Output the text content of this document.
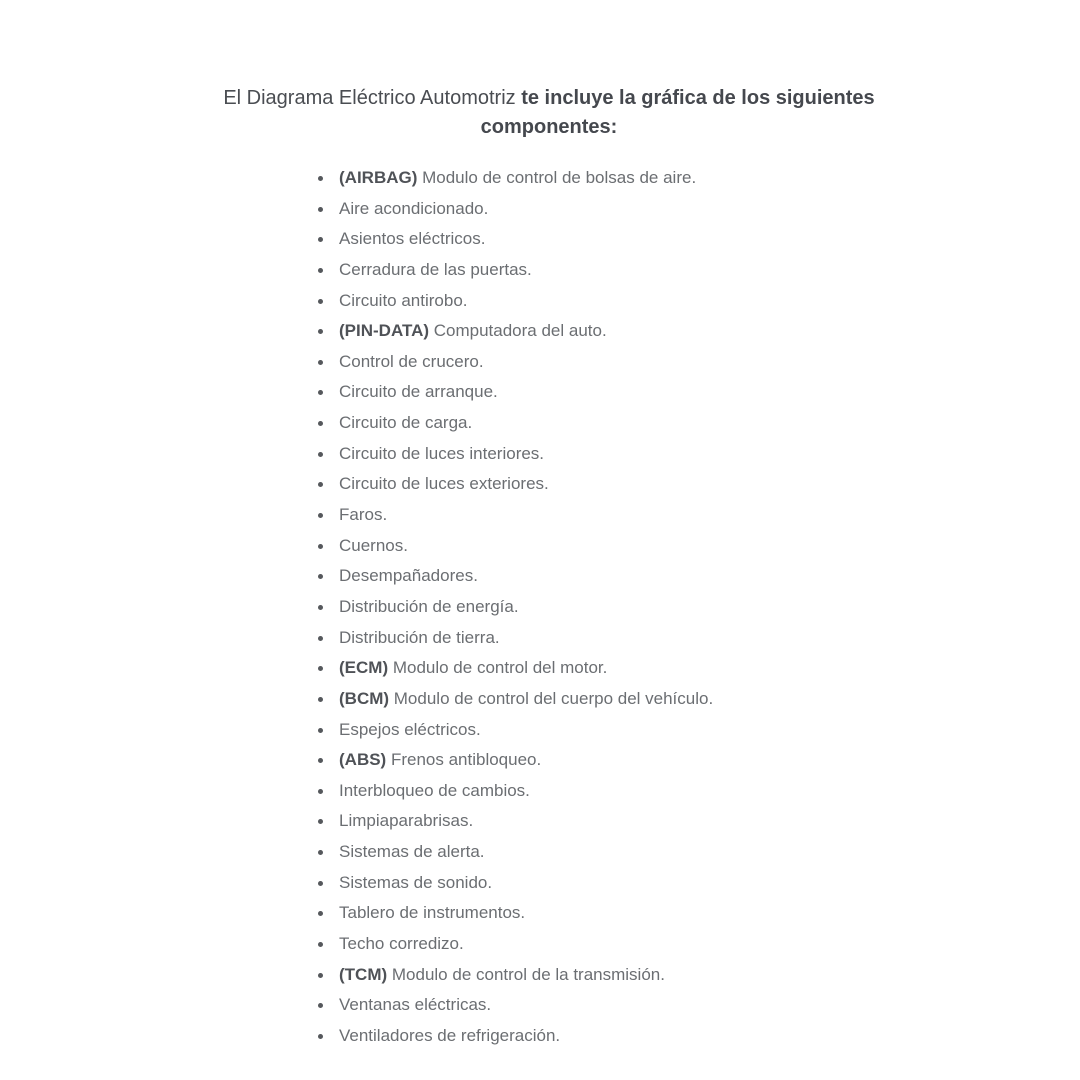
El Diagrama Eléctrico Automotriz te incluye la gráfica de los siguientes componentes:

(AIRBAG) Modulo de control de bolsas de aire.
Aire acondicionado.
Asientos eléctricos.
Cerradura de las puertas.
Circuito antirobo.
(PIN-DATA) Computadora del auto.
Control de crucero.
Circuito de arranque.
Circuito de carga.
Circuito de luces interiores.
Circuito de luces exteriores.
Faros.
Cuernos.
Desempañadores.
Distribución de energía.
Distribución de tierra.
(ECM) Modulo de control del motor.
(BCM) Modulo de control del cuerpo del vehículo.
Espejos eléctricos.
(ABS) Frenos antibloqueo.
Interbloqueo de cambios.
Limpiaparabrisas.
Sistemas de alerta.
Sistemas de sonido.
Tablero de instrumentos.
Techo corredizo.
(TCM) Modulo de control de la transmisión.
Ventanas eléctricas.
Ventiladores de refrigeración.
